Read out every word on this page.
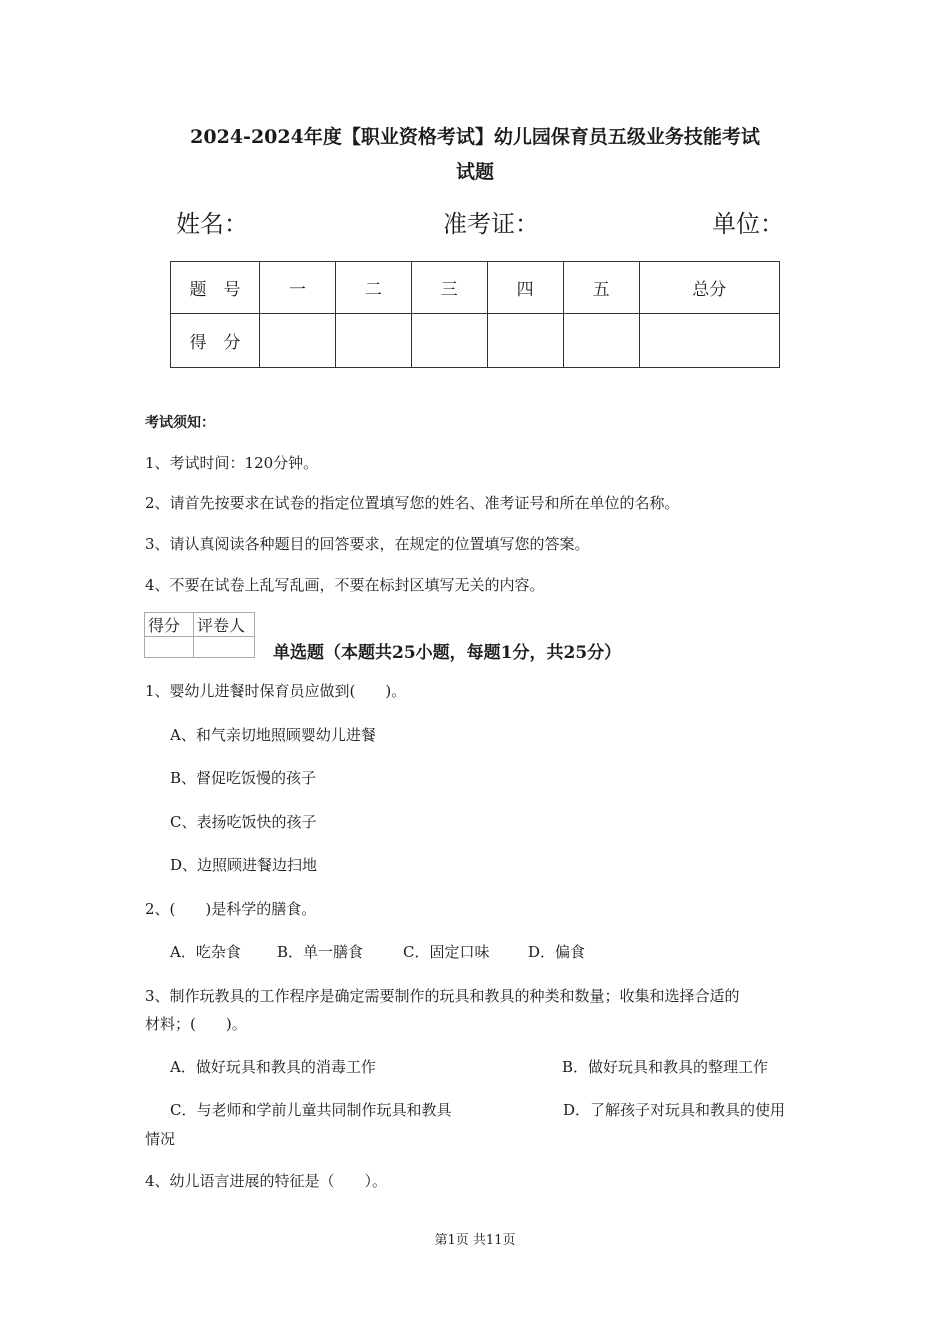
2024-2024年度【职业资格考试】幼儿园保育员五级业务技能考试
试题
姓名：	准考证：	单位：
题　号	一	二	三	四	五	总分
得　分						
考试须知：
1、考试时间：120分钟。
2、请首先按要求在试卷的指定位置填写您的姓名、准考证号和所在单位的名称。
3、请认真阅读各种题目的回答要求，在规定的位置填写您的答案。
4、不要在试卷上乱写乱画，不要在标封区填写无关的内容。
得分	评卷人

单选题（本题共25小题，每题1分，共25分）
1、婴幼儿进餐时保育员应做到(　　)。
A、和气亲切地照顾婴幼儿进餐
B、督促吃饭慢的孩子
C、表扬吃饭快的孩子
D、边照顾进餐边扫地
2、(　　)是科学的膳食。
A．吃杂食 B．单一膳食	C．固定口味	D．偏食
3、制作玩教具的工作程序是确定需要制作的玩具和教具的种类和数量；收集和选择合适的
材料；(　　)。
A．做好玩具和教具的消毒工作	B．做好玩具和教具的整理工作
C．与老师和学前儿童共同制作玩具和教具	D．了解孩子对玩具和教具的使用
情况
4、幼儿语言进展的特征是（　　）。
第1页 共11页
